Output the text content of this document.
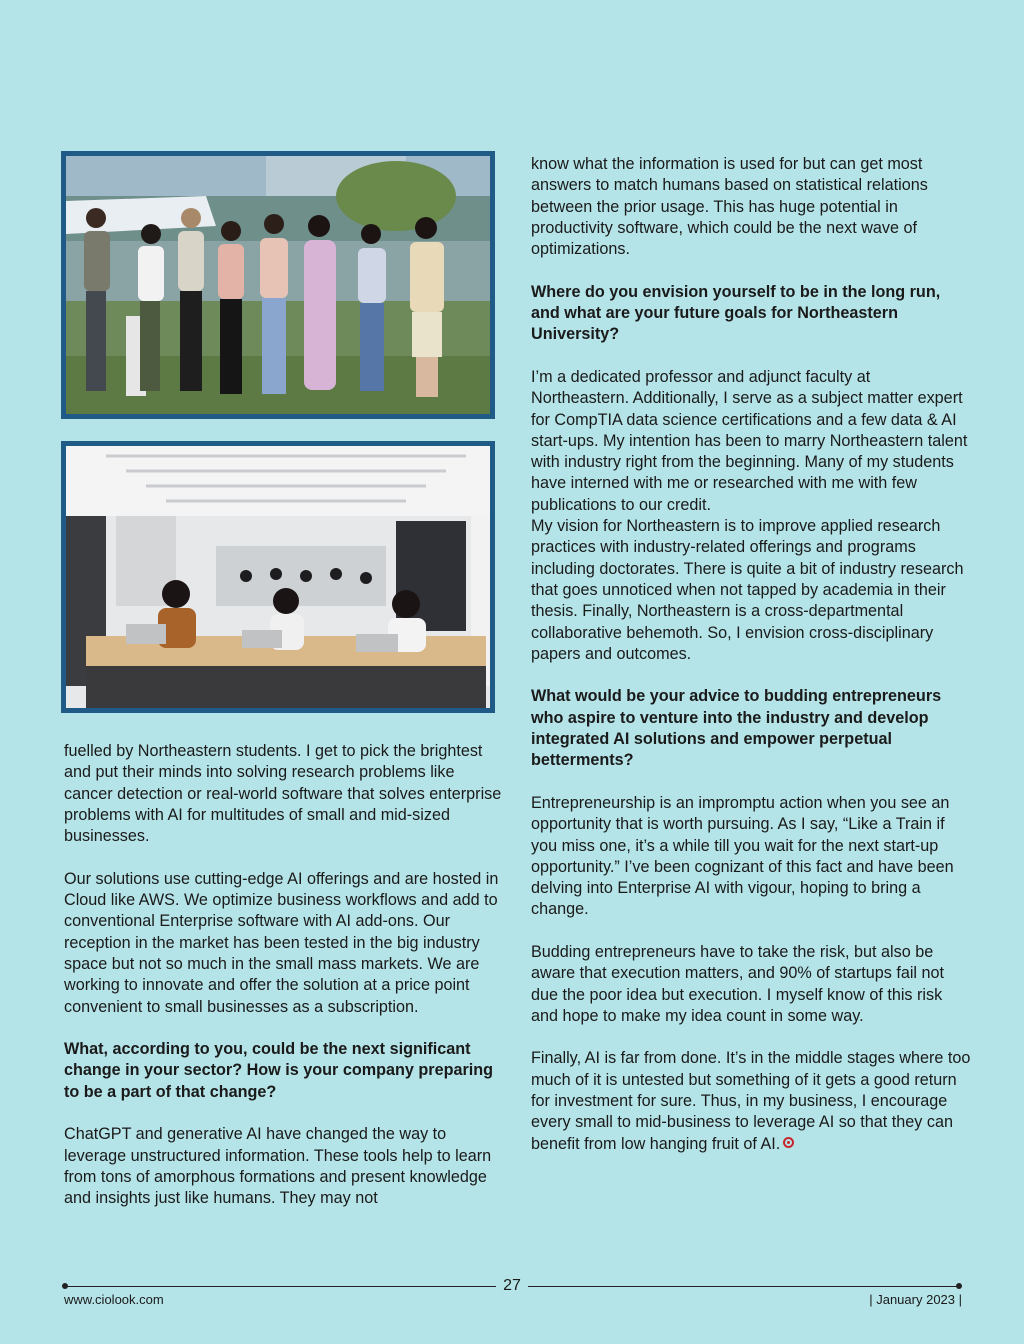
fuelled by Northeastern students. I get to pick the brightest and put their minds into solving research problems like cancer detection or real-world software that solves enterprise problems with AI for multitudes of small and mid-sized businesses.

Our solutions use cutting-edge AI offerings and are hosted in Cloud like AWS. We optimize business workflows and add to conventional Enterprise software with AI add-ons. Our reception in the market has been tested in the big industry space but not so much in the small mass markets. We are working to innovate and offer the solution at a price point convenient to small businesses as a subscription.

What, according to you, could be the next significant change in your sector? How is your company preparing to be a part of that change?

ChatGPT and generative AI have changed the way to leverage unstructured information. These tools help to learn from tons of amorphous formations and present knowledge and insights just like humans. They may not

know what the information is used for but can get most answers to match humans based on statistical relations between the prior usage. This has huge potential in productivity software, which could be the next wave of optimizations.

Where do you envision yourself to be in the long run, and what are your future goals for Northeastern University?

I’m a dedicated professor and adjunct faculty at Northeastern. Additionally, I serve as a subject matter expert for CompTIA data science certifications and a few data & AI start-ups. My intention has been to marry Northeastern talent with industry right from the beginning. Many of my students have interned with me or researched with me with few publications to our credit.

My vision for Northeastern is to improve applied research practices with industry-related offerings and programs including doctorates. There is quite a bit of industry research that goes unnoticed when not tapped by academia in their thesis. Finally, Northeastern is a cross-departmental collaborative behemoth. So, I envision cross-disciplinary papers and outcomes.

What would be your advice to budding entrepreneurs who aspire to venture into the industry and develop integrated AI solutions and empower perpetual betterments?

Entrepreneurship is an impromptu action when you see an opportunity that is worth pursuing. As I say, “Like a Train if you miss one, it’s a while till you wait for the next start-up opportunity.” I’ve been cognizant of this fact and have been delving into Enterprise AI with vigour, hoping to bring a change.

Budding entrepreneurs have to take the risk, but also be aware that execution matters, and 90% of startups fail not due the poor idea but execution. I myself know of this risk and hope to make my idea count in some way.

Finally, AI is far from done. It’s in the middle stages where too much of it is untested but something of it gets a good return for investment for sure. Thus, in my business, I encourage every small to mid-business to leverage AI so that they can benefit from low hanging fruit of AI.

27
www.ciolook.com	| January 2023 |
